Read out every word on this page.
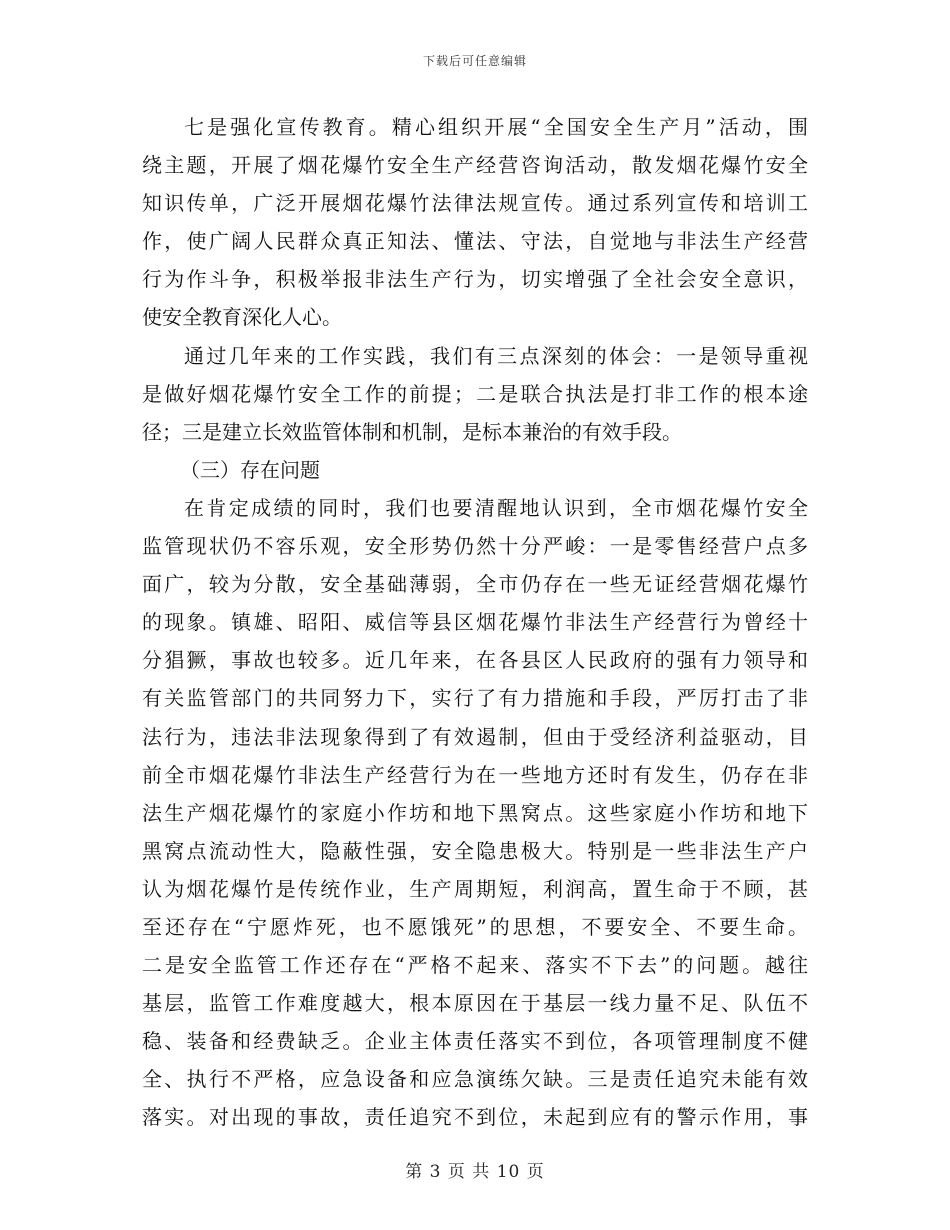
下载后可任意编辑
七是强化宣传教育。精心组织开展“全国安全生产月”活动，围
绕主题，开展了烟花爆竹安全生产经营咨询活动，散发烟花爆竹安全
知识传单，广泛开展烟花爆竹法律法规宣传。通过系列宣传和培训工
作，使广阔人民群众真正知法、懂法、守法，自觉地与非法生产经营
行为作斗争，积极举报非法生产行为，切实增强了全社会安全意识，
使安全教育深化人心。
通过几年来的工作实践，我们有三点深刻的体会：一是领导重视
是做好烟花爆竹安全工作的前提；二是联合执法是打非工作的根本途
径；三是建立长效监管体制和机制，是标本兼治的有效手段。
（三）存在问题
在肯定成绩的同时，我们也要清醒地认识到，全市烟花爆竹安全
监管现状仍不容乐观，安全形势仍然十分严峻：一是零售经营户点多
面广，较为分散，安全基础薄弱，全市仍存在一些无证经营烟花爆竹
的现象。镇雄、昭阳、威信等县区烟花爆竹非法生产经营行为曾经十
分猖獗，事故也较多。近几年来，在各县区人民政府的强有力领导和
有关监管部门的共同努力下，实行了有力措施和手段，严厉打击了非
法行为，违法非法现象得到了有效遏制，但由于受经济利益驱动，目
前全市烟花爆竹非法生产经营行为在一些地方还时有发生，仍存在非
法生产烟花爆竹的家庭小作坊和地下黑窝点。这些家庭小作坊和地下
黑窝点流动性大，隐蔽性强，安全隐患极大。特别是一些非法生产户
认为烟花爆竹是传统作业，生产周期短，利润高，置生命于不顾，甚
至还存在“宁愿炸死，也不愿饿死”的思想，不要安全、不要生命。
二是安全监管工作还存在“严格不起来、落实不下去”的问题。越往
基层，监管工作难度越大，根本原因在于基层一线力量不足、队伍不
稳、装备和经费缺乏。企业主体责任落实不到位，各项管理制度不健
全、执行不严格，应急设备和应急演练欠缺。三是责任追究未能有效
落实。对出现的事故，责任追究不到位，未起到应有的警示作用，事
第 3 页 共 10 页
